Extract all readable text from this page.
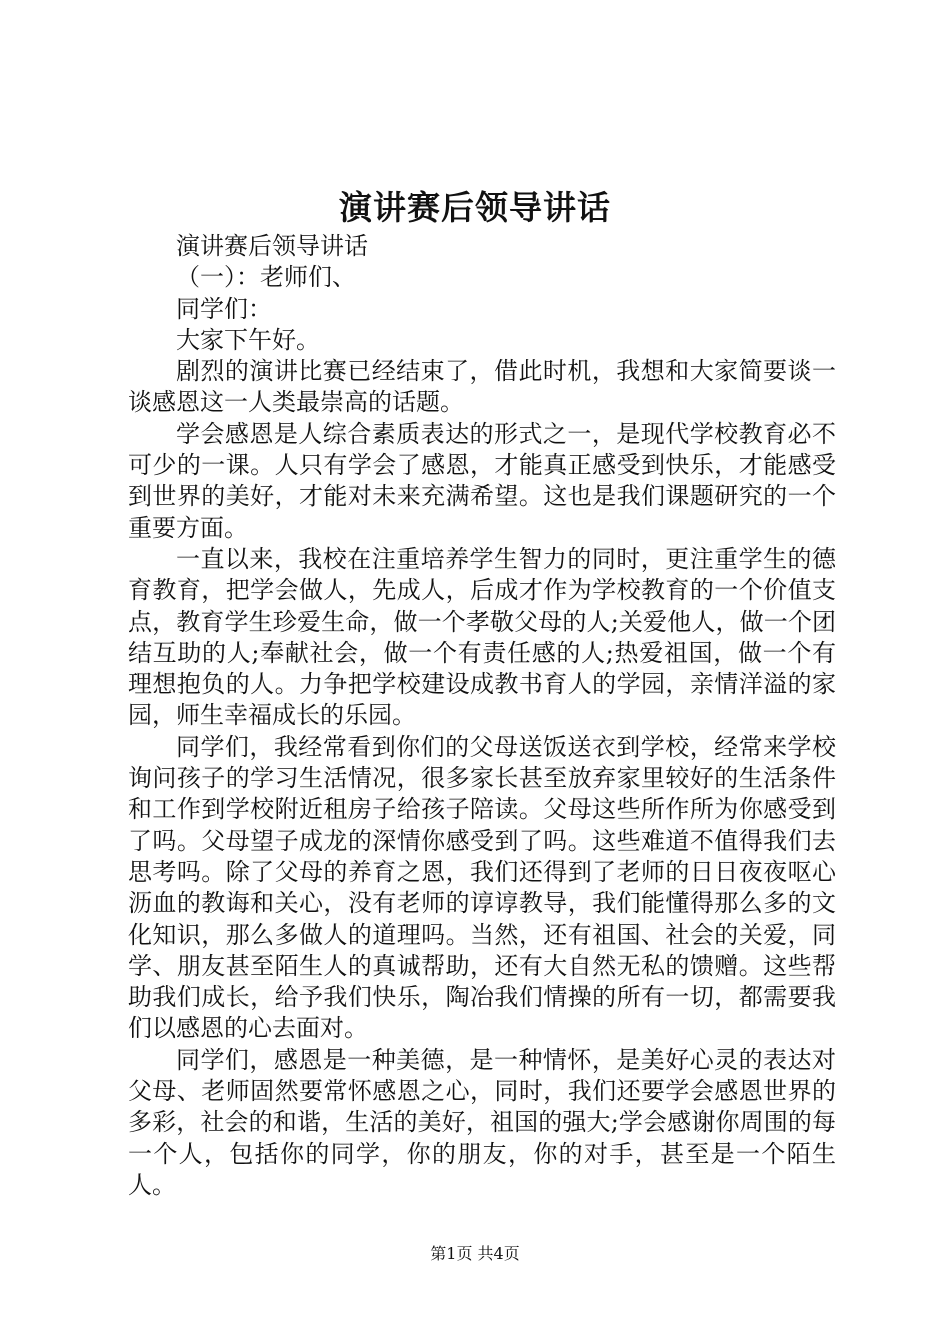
演讲赛后领导讲话

演讲赛后领导讲话

（一）：老师们、

同学们：

大家下午好。

剧烈的演讲比赛已经结束了，借此时机，我想和大家简要谈一谈感恩这一人类最崇高的话题。

学会感恩是人综合素质表达的形式之一，是现代学校教育必不可少的一课。人只有学会了感恩，才能真正感受到快乐，才能感受到世界的美好，才能对未来充满希望。这也是我们课题研究的一个重要方面。

一直以来，我校在注重培养学生智力的同时，更注重学生的德育教育，把学会做人，先成人，后成才作为学校教育的一个价值支点，教育学生珍爱生命，做一个孝敬父母的人;关爱他人，做一个团结互助的人;奉献社会，做一个有责任感的人;热爱祖国，做一个有理想抱负的人。力争把学校建设成教书育人的学园，亲情洋溢的家园，师生幸福成长的乐园。

同学们，我经常看到你们的父母送饭送衣到学校，经常来学校询问孩子的学习生活情况，很多家长甚至放弃家里较好的生活条件和工作到学校附近租房子给孩子陪读。父母这些所作所为你感受到了吗。父母望子成龙的深情你感受到了吗。这些难道不值得我们去思考吗。除了父母的养育之恩，我们还得到了老师的日日夜夜呕心沥血的教诲和关心，没有老师的谆谆教导，我们能懂得那么多的文化知识，那么多做人的道理吗。当然，还有祖国、社会的关爱，同学、朋友甚至陌生人的真诚帮助，还有大自然无私的馈赠。这些帮助我们成长，给予我们快乐，陶冶我们情操的所有一切，都需要我们以感恩的心去面对。

同学们，感恩是一种美德，是一种情怀，是美好心灵的表达对父母、老师固然要常怀感恩之心，同时，我们还要学会感恩世界的多彩，社会的和谐，生活的美好，祖国的强大;学会感谢你周围的每一个人，包括你的同学，你的朋友，你的对手，甚至是一个陌生人。

第1页 共4页
